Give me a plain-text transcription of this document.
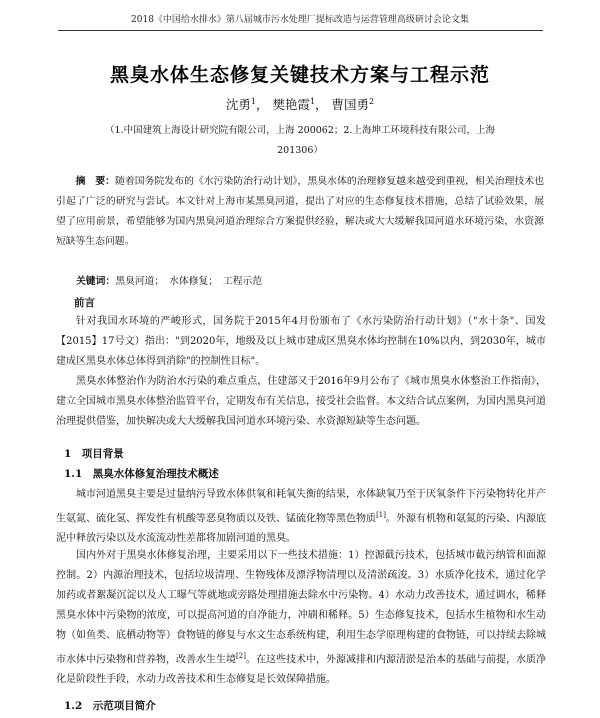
2018《中国给水排水》第八届城市污水处理厂提标改造与运营管理高级研讨会论文集
黑臭水体生态修复关键技术方案与工程示范
沈勇$^1$， 樊艳霞$^1$， 曹国勇$^2$
（1.中国建筑上海设计研究院有限公司，上海 200062；2.上海坤工环境科技有限公司，上海
201306）
摘　要：随着国务院发布的《水污染防治行动计划》，黑臭水体的治理修复越来越受到重视，相关治理技术也引起了广泛的研究与尝试。本文针对上海市某黑臭河道，提出了对应的生态修复技术措施，总结了试验效果，展望了应用前景，希望能够为国内黑臭河道治理综合方案提供经验，解决或大大缓解我国河道水环境污染，水资源短缺等生态问题。
关键词：黑臭河道；　水体修复；　工程示范
前言
针对我国水环境的严峻形式，国务院于2015年4月份颁布了《水污染防治行动计划》（"水十条"、国发【2015】17号文）指出："到2020年，地级及以上城市建成区黑臭水体均控制在10%以内，到2030年，城市建成区黑臭水体总体得到消除"的控制性目标"。
黑臭水体整治作为防治水污染的难点重点，住建部又于2016年9月公布了《城市黑臭水体整治工作指南》，建立全国城市黑臭水体整治监管平台，定期发布有关信息，接受社会监督。本文结合试点案例，为国内黑臭河道治理提供借鉴，加快解决或大大缓解我国河道水环境污染、水资源短缺等生态问题。
1　项目背景
1.1　黑臭水体修复治理技术概述
城市河道黑臭主要是过量纳污导致水体供氧和耗氧失衡的结果，水体缺氧乃至于厌氧条件下污染物转化并产生氨氮、硫化氢、挥发性有机酸等恶臭物质以及铁、锰硫化物等黑色物质[1]。外源有机物和氨氮的污染、内源底泥中释放污染以及水流流动性差都将加剧河道的黑臭。
国内外对于黑臭水体修复治理，主要采用以下一些技术措施：1）控源截污技术，包括城市截污纳管和面源控制。2）内源治理技术，包括垃圾清理、生物残体及漂浮物清理以及清淤疏浚。3）水质净化技术，通过化学加药或者絮凝沉淀以及人工曝气等就地或旁路处理措施去除水中污染物。4）水动力改善技术，通过调水，稀释黑臭水体中污染物的浓度，可以提高河道的自净能力，冲刷和稀释。5）生态修复技术，包括水生植物和水生动物（如鱼类、底栖动物等）食物链的修复与水文生态系统构建，利用生态学原理构建的食物链，可以持续去除城市水体中污染物和营养物，改善水生生境[2]。在这些技术中，外源减排和内源清淤是治本的基础与前提，水质净化是阶段性手段，水动力改善技术和生态修复是长效保障措施。
1.2　示范项目简介
